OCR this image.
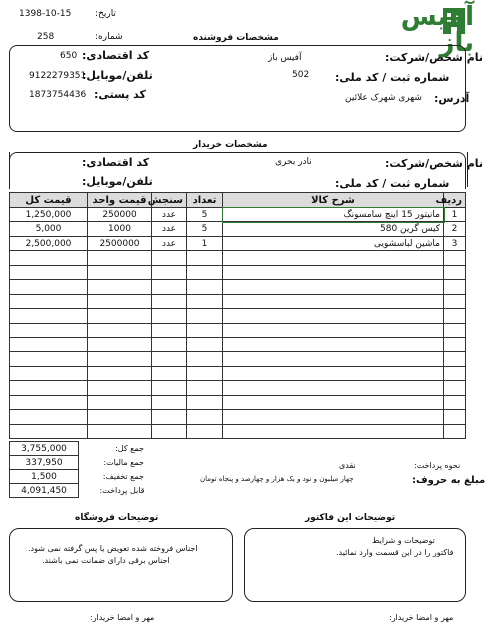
1398-10-15	تاریخ:
258	شماره:	مشخصات فروشنده
آفیس باز
نام شخص/شرکت:
آفیس باز
650 کد اقتصادی:
شماره ثبت / کد ملی:
502
9122279351
تلفن/موبایل:
آدرس:
شهری شهرک علائین
1873754436 کد پستی:
مشخصات خریدار
نام شخص/شرکت:
نادر بحری
کد اقتصادی:
شماره ثبت / کد ملی:
تلفن/موبایل:
ردیف	شرح کالا	تعداد	سنجش	قیمت واحد	قیمت کل
1	مانیتور 15 اینچ سامسونگ	5	عدد	250000	1,250,000
2	کیس گرین 580	5	عدد	1000	5,000
3	ماشین لباسشویی	1	عدد	2500000	2,500,000

3,755,000	جمع کل:
337,950	جمع مالیات:
1,500	جمع تخفیف:
4,091,450	قابل پرداخت:
نحوه پرداخت:
نقدی
مبلغ به حروف:
چهار میلیون و نود و یک هزار و چهارصد و پنجاه تومان
توضیحات فروشگاه	توضیحات این فاکتور
اجناس فروخته شده تعویض یا پس گرفته نمی شود.
اجناس برقی دارای ضمانت نمی باشند.
توضیحات و شرایط
فاکتور را در این قسمت وارد نمائید.
مهر و امضا خریدار:	مهر و امضا خریدار:
